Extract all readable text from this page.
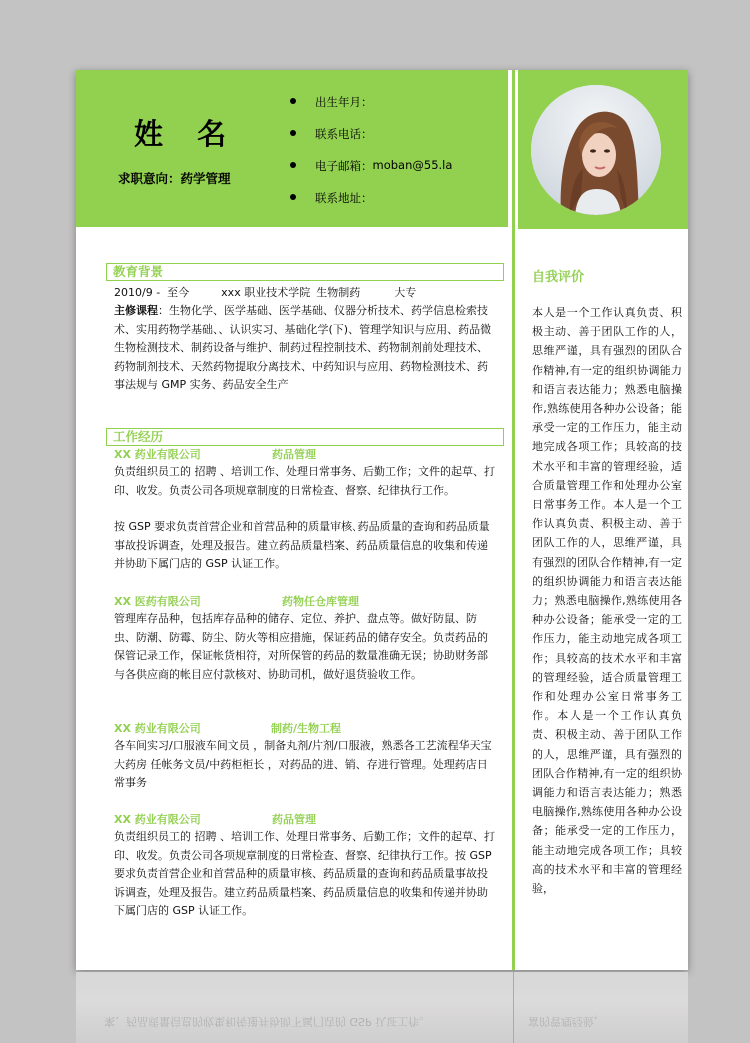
姓 名
求职意向：药学管理
出生年月：
联系电话：
电子邮箱： moban@55.la
联系地址：
教育背景
2010/9 -  至今	xxx 职业技术学院 生物制药	大专
主修课程：生物化学、医学基础、医学基础、仪器分析技术、药学信息检索技术、实用药物学基础、、认识实习、基础化学(下)、管理学知识与应用、药品微生物检测技术、制药设备与维护、制药过程控制技术、药物制剂前处理技术、药物制剂技术、天然药物提取分离技术、中药知识与应用、药物检测技术、药事法规与 GMP 实务、药品安全生产
工作经历
XX 药业有限公司	药品管理
负责组织员工的 招聘 、培训工作、处理日常事务、后勤工作；文件的起草、打印、收发。负责公司各项规章制度的日常检查、督察、纪律执行工作。
按 GSP 要求负责首营企业和首营品种的质量审核､药品质量的查询和药品质量事故投诉调查，处理及报告。建立药品质量档案、药品质量信息的收集和传递并协助下属门店的 GSP 认证工作。
XX 医药有限公司	药物任仓库管理
管理库存品种，包括库存品种的储存、定位、养护、盘点等。做好防鼠、防虫、防潮、防霉、防尘、防火等相应措施，保证药品的储存安全。负责药品的保管记录工作，保证帐货相符，对所保管的药品的数量准确无误；协助财务部与各供应商的帐目应付款核对、协助司机，做好退货验收工作。
XX 药业有限公司	制药/生物工程
各车间实习/口服液车间文员 ，制备丸剂/片剂/口服液，熟悉各工艺流程华天宝大药房 任帐务文员/中药柜柜长 ，对药品的进、销、存进行管理。处理药店日常事务
XX 药业有限公司	药品管理
负责组织员工的 招聘 、培训工作、处理日常事务、后勤工作；文件的起草、打印、收发。负责公司各项规章制度的日常检查、督察、纪律执行工作。按 GSP 要求负责首营企业和首营品种的质量审核、药品质量的查询和药品质量事故投诉调查，处理及报告。建立药品质量档案、药品质量信息的收集和传递并协助下属门店的 GSP 认证工作。
自我评价
本人是一个工作认真负责、积极主动、善于团队工作的人，思维严谨，具有强烈的团队合作精神,有一定的组织协调能力和语言表达能力；熟悉电脑操作,熟练使用各种办公设备；能承受一定的工作压力，能主动地完成各项工作；具较高的技术水平和丰富的管理经验，适合质量管理工作和处理办公室日常事务工作。本人是一个工作认真负责、积极主动、善于团队工作的人，思维严谨，具有强烈的团队合作精神,有一定的组织协调能力和语言表达能力；熟悉电脑操作,熟练使用各种办公设备；能承受一定的工作压力，能主动地完成各项工作；具较高的技术水平和丰富的管理经验，适合质量管理工作和处理办公室日常事务工作。本人是一个工作认真负责、积极主动、善于团队工作的人，思维严谨，具有强烈的团队合作精神,有一定的组织协调能力和语言表达能力；熟悉电脑操作,熟练使用各种办公设备；能承受一定的工作压力，能主动地完成各项工作；具较高的技术水平和丰富的管理经验，
案、药品质量信息的收集和传递并协助下属门店的 GSP 认证工作。	富的管理经验，
